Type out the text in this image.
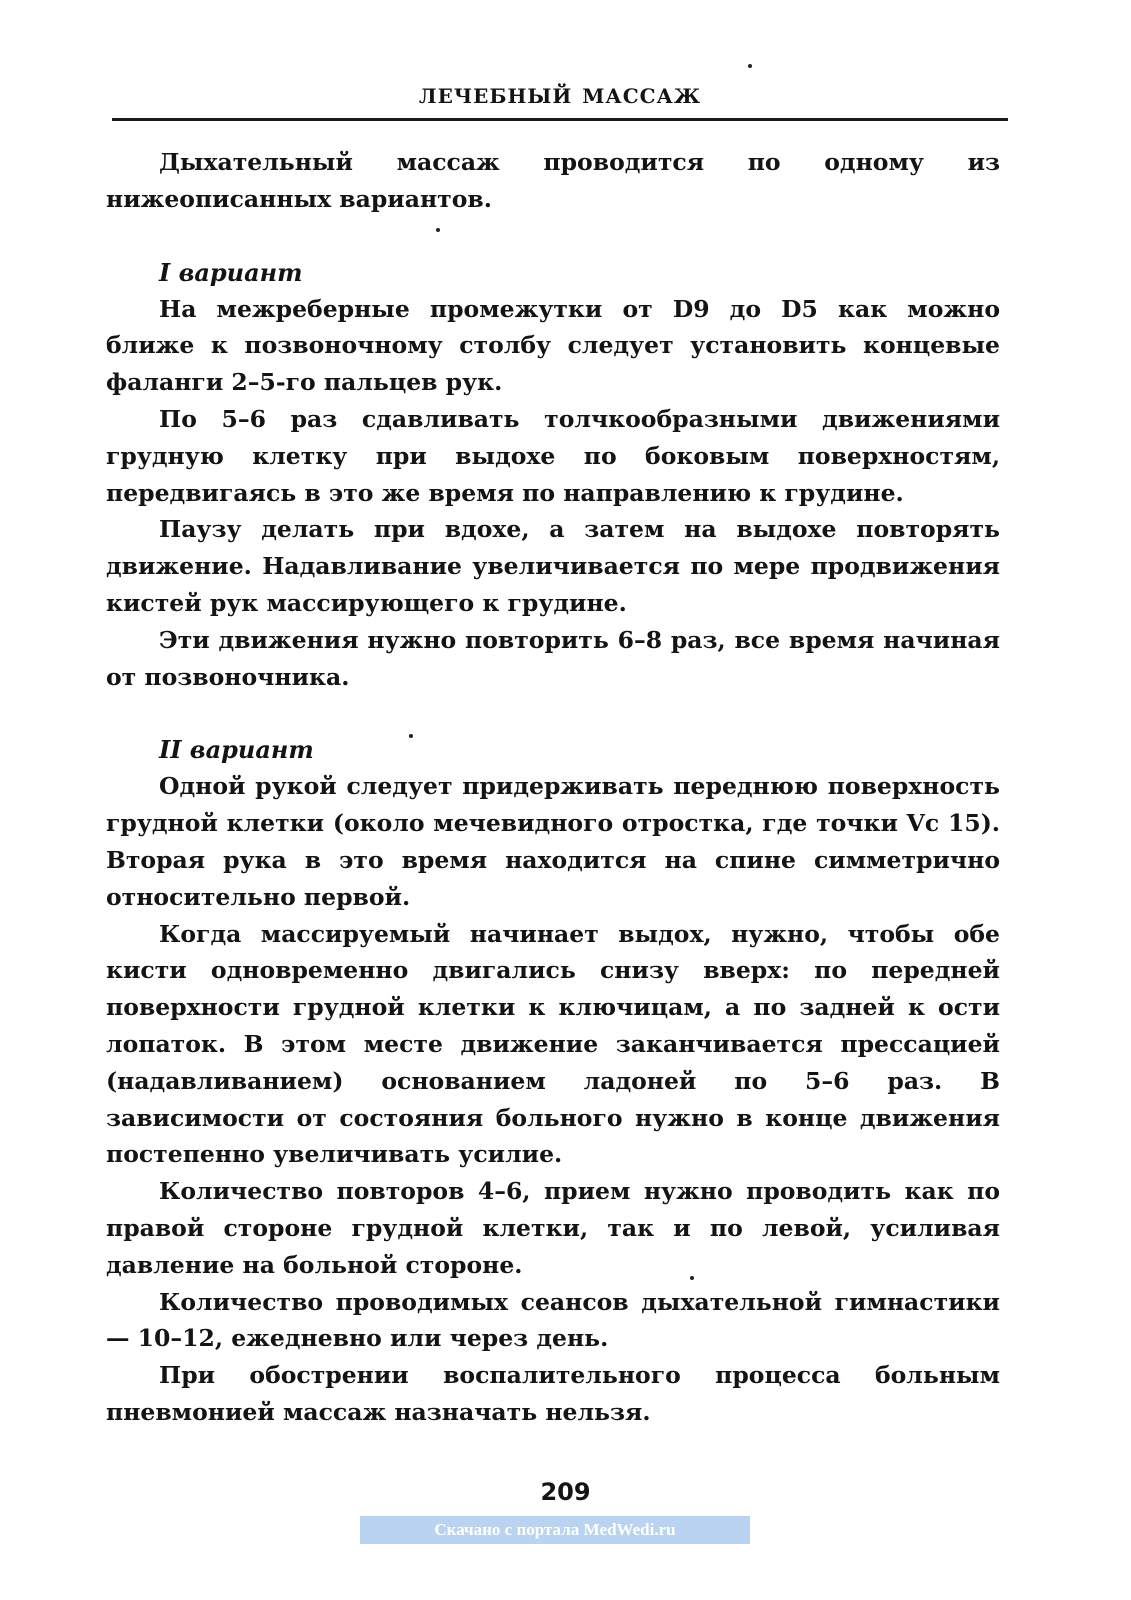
ЛЕЧЕБНЫЙ МАССАЖ

Дыхательный массаж проводится по одному из нижеописанных вариантов.

I вариант

На межреберные промежутки от D9 до D5 как можно ближе к позвоночному столбу следует установить концевые фаланги 2–5-го пальцев рук.

По 5–6 раз сдавливать толчкообразными движениями грудную клетку при выдохе по боковым поверхностям, передвигаясь в это же время по направлению к грудине.

Паузу делать при вдохе, а затем на выдохе повторять движение. Надавливание увеличивается по мере продвижения кистей рук массирующего к грудине.

Эти движения нужно повторить 6–8 раз, все время начиная от позвоночника.

II вариант

Одной рукой следует придерживать переднюю поверхность грудной клетки (около мечевидного отростка, где точки Vc 15). Вторая рука в это время находится на спине симметрично относительно первой.

Когда массируемый начинает выдох, нужно, чтобы обе кисти одновременно двигались снизу вверх: по передней поверхности грудной клетки к ключицам, а по задней к ости лопаток. В этом месте движение заканчивается прессацией (надавливанием) основанием ладоней по 5–6 раз. В зависимости от состояния больного нужно в конце движения постепенно увеличивать усилие.

Количество повторов 4–6, прием нужно проводить как по правой стороне грудной клетки, так и по левой, усиливая давление на больной стороне.

Количество проводимых сеансов дыхательной гимнастики — 10–12, ежедневно или через день.

При обострении воспалительного процесса больным пневмонией массаж назначать нельзя.

209
Скачано с портала MedWedi.ru
